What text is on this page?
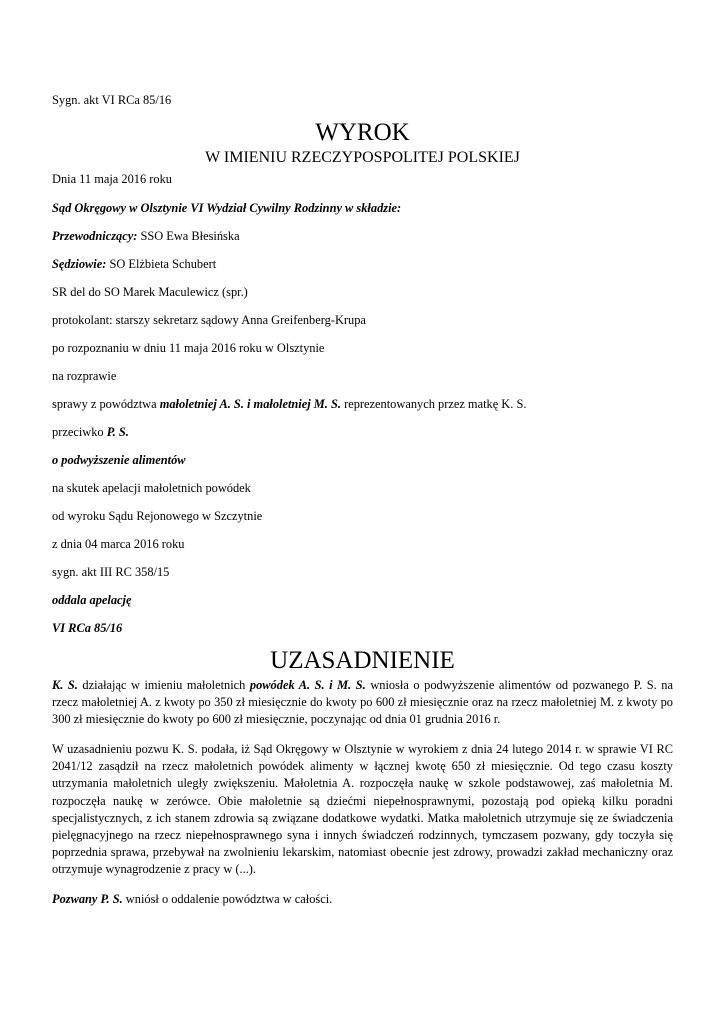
Sygn. akt VI RCa 85/16

WYROK

W IMIENIU RZECZYPOSPOLITEJ POLSKIEJ

Dnia 11 maja 2016 roku

Sąd Okręgowy w Olsztynie VI Wydział Cywilny Rodzinny w składzie:

Przewodniczący: SSO Ewa Błesińska

Sędziowie: SO Elżbieta Schubert

SR del do SO Marek Maculewicz (spr.)

protokolant: starszy sekretarz sądowy Anna Greifenberg-Krupa

po rozpoznaniu w dniu 11 maja 2016 roku w Olsztynie

na rozprawie

sprawy z powództwa małoletniej A. S. i małoletniej M. S. reprezentowanych przez matkę K. S.

przeciwko P. S.

o podwyższenie alimentów

na skutek apelacji małoletnich powódek

od wyroku Sądu Rejonowego w Szczytnie

z dnia 04 marca 2016 roku

sygn. akt III RC 358/15

oddala apelację

VI RCa 85/16

UZASADNIENIE

K. S. działając w imieniu małoletnich powódek A. S. i M. S. wniosła o podwyższenie alimentów od pozwanego P. S. na rzecz małoletniej A. z kwoty po 350 zł miesięcznie do kwoty po 600 zł miesięcznie oraz na rzecz małoletniej M. z kwoty po 300 zł miesięcznie do kwoty po 600 zł miesięcznie, poczynając od dnia 01 grudnia 2016 r.

W uzasadnieniu pozwu K. S. podała, iż Sąd Okręgowy w Olsztynie w wyrokiem z dnia 24 lutego 2014 r. w sprawie VI RC 2041/12 zasądził na rzecz małoletnich powódek alimenty w łącznej kwotę 650 zł miesięcznie. Od tego czasu koszty utrzymania małoletnich uległy zwiększeniu. Małoletnia A. rozpoczęła naukę w szkole podstawowej, zaś małoletnia M. rozpoczęła naukę w zerówce. Obie małoletnie są dziećmi niepełnosprawnymi, pozostają pod opieką kilku poradni specjalistycznych, z ich stanem zdrowia są związane dodatkowe wydatki. Matka małoletnich utrzymuje się ze świadczenia pielęgnacyjnego na rzecz niepełnosprawnego syna i innych świadczeń rodzinnych, tymczasem pozwany, gdy toczyła się poprzednia sprawa, przebywał na zwolnieniu lekarskim, natomiast obecnie jest zdrowy, prowadzi zakład mechaniczny oraz otrzymuje wynagrodzenie z pracy w (...).

Pozwany P. S. wniósł o oddalenie powództwa w całości.
